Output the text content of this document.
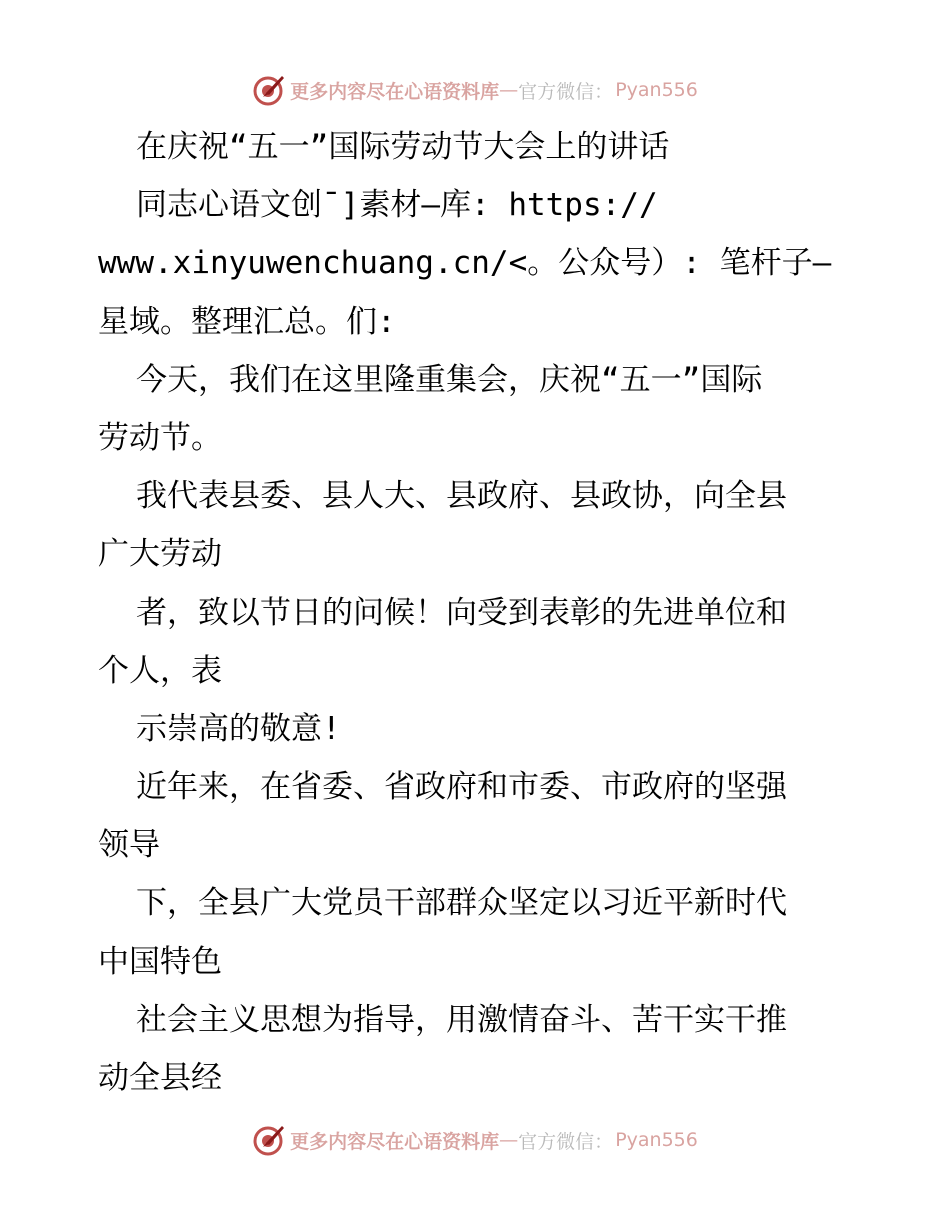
更多内容尽在心语资料库 — 官方微信： Pyan556
在庆祝“五一”国际劳动节大会上的讲话
同志心语文创¯]素材—库: https://
www.xinyuwenchuang.cn/<。公众号）: 笔杆子—
星域。整理汇总。们:
今天，我们在这里隆重集会，庆祝“五一”国际
劳动节。
我代表县委、县人大、县政府、县政协，向全县
广大劳动
者，致以节日的问候！向受到表彰的先进单位和
个人，表
示崇高的敬意!
近年来，在省委、省政府和市委、市政府的坚强
领导
下，全县广大党员干部群众坚定以习近平新时代
中国特色
社会主义思想为指导，用激情奋斗、苦干实干推
动全县经
更多内容尽在心语资料库 — 官方微信： Pyan556
